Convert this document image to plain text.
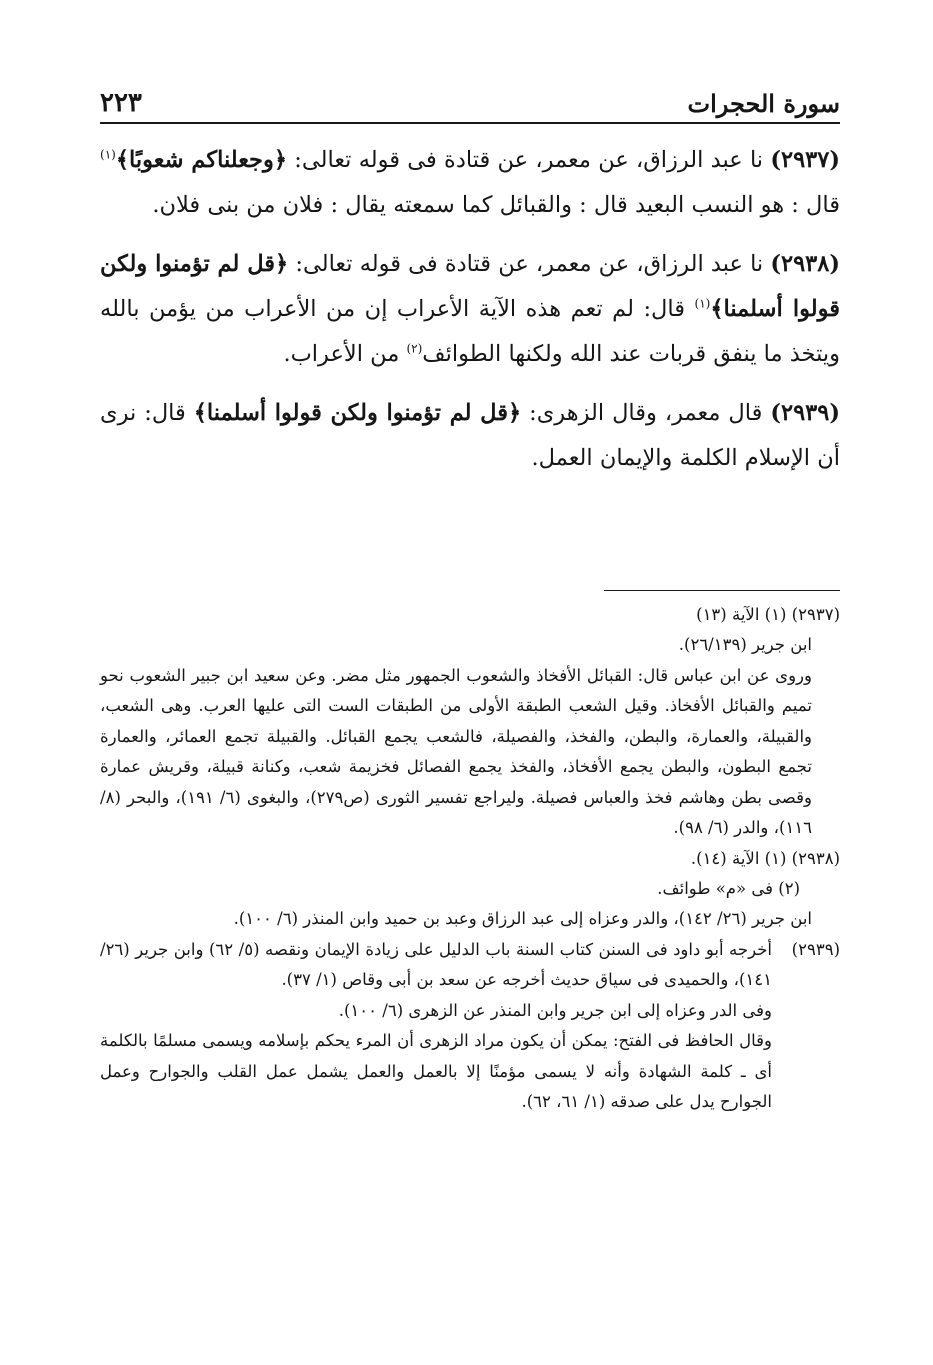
سورة الحجرات
٢٢٣

(٢٩٣٧) نا عبد الرزاق، عن معمر، عن قتادة فى قوله تعالى: ﴿وجعلناكم شعوبًا﴾$^{(١)}$ قال : هو النسب البعيد قال : والقبائل كما سمعته يقال : فلان من بنى فلان.

(٢٩٣٨) نا عبد الرزاق، عن معمر، عن قتادة فى قوله تعالى: ﴿قل لم تؤمنوا ولكن قولوا أسلمنا﴾$^{(١)}$ قال: لم تعم هذه الآية الأعراب إن من الأعراب من يؤمن بالله ويتخذ ما ينفق قربات عند الله ولكنها الطوائف$^{(٢)}$ من الأعراب.

(٢٩٣٩) قال معمر، وقال الزهرى: ﴿قل لم تؤمنوا ولكن قولوا أسلمنا﴾ قال: نرى أن الإسلام الكلمة والإيمان العمل.

(٢٩٣٧) (١) الآية (١٣)
ابن جرير (٢٦/١٣٩).
وروى عن ابن عباس قال: القبائل الأفخاذ والشعوب الجمهور مثل مضر. وعن سعيد ابن جبير الشعوب نحو تميم والقبائل الأفخاذ. وقيل الشعب الطبقة الأولى من الطبقات الست التى عليها العرب. وهى الشعب، والقبيلة، والعمارة، والبطن، والفخذ، والفصيلة، فالشعب يجمع القبائل. والقبيلة تجمع العمائر، والعمارة تجمع البطون، والبطن يجمع الأفخاذ، والفخذ يجمع الفصائل فخزيمة شعب، وكنانة قبيلة، وقريش عمارة وقصى بطن وهاشم فخذ والعباس فصيلة. وليراجع تفسير الثورى (ص٢٧٩)، والبغوى (٦/ ١٩١)، والبحر (٨/ ١١٦)، والدر (٦/ ٩٨).
(٢٩٣٨) (١) الآية (١٤).
(٢) فى «م» طوائف.
ابن جرير (٢٦/ ١٤٢)، والدر وعزاه إلى عبد الرزاق وعبد بن حميد وابن المنذر (٦/ ١٠٠).
(٢٩٣٩)
أخرجه أبو داود فى السنن كتاب السنة باب الدليل على زيادة الإيمان ونقصه (٥/ ٦٢) وابن جرير (٢٦/ ١٤١)، والحميدى فى سياق حديث أخرجه عن سعد بن أبى وقاص (١/ ٣٧).
وفى الدر وعزاه إلى ابن جرير وابن المنذر عن الزهرى (٦/ ١٠٠).
وقال الحافظ فى الفتح: يمكن أن يكون مراد الزهرى أن المرء يحكم بإسلامه ويسمى مسلمًا بالكلمة أى ـ كلمة الشهادة وأنه لا يسمى مؤمنًا إلا بالعمل والعمل يشمل عمل القلب والجوارح وعمل الجوارح يدل على صدقه (١/ ٦١، ٦٢).
